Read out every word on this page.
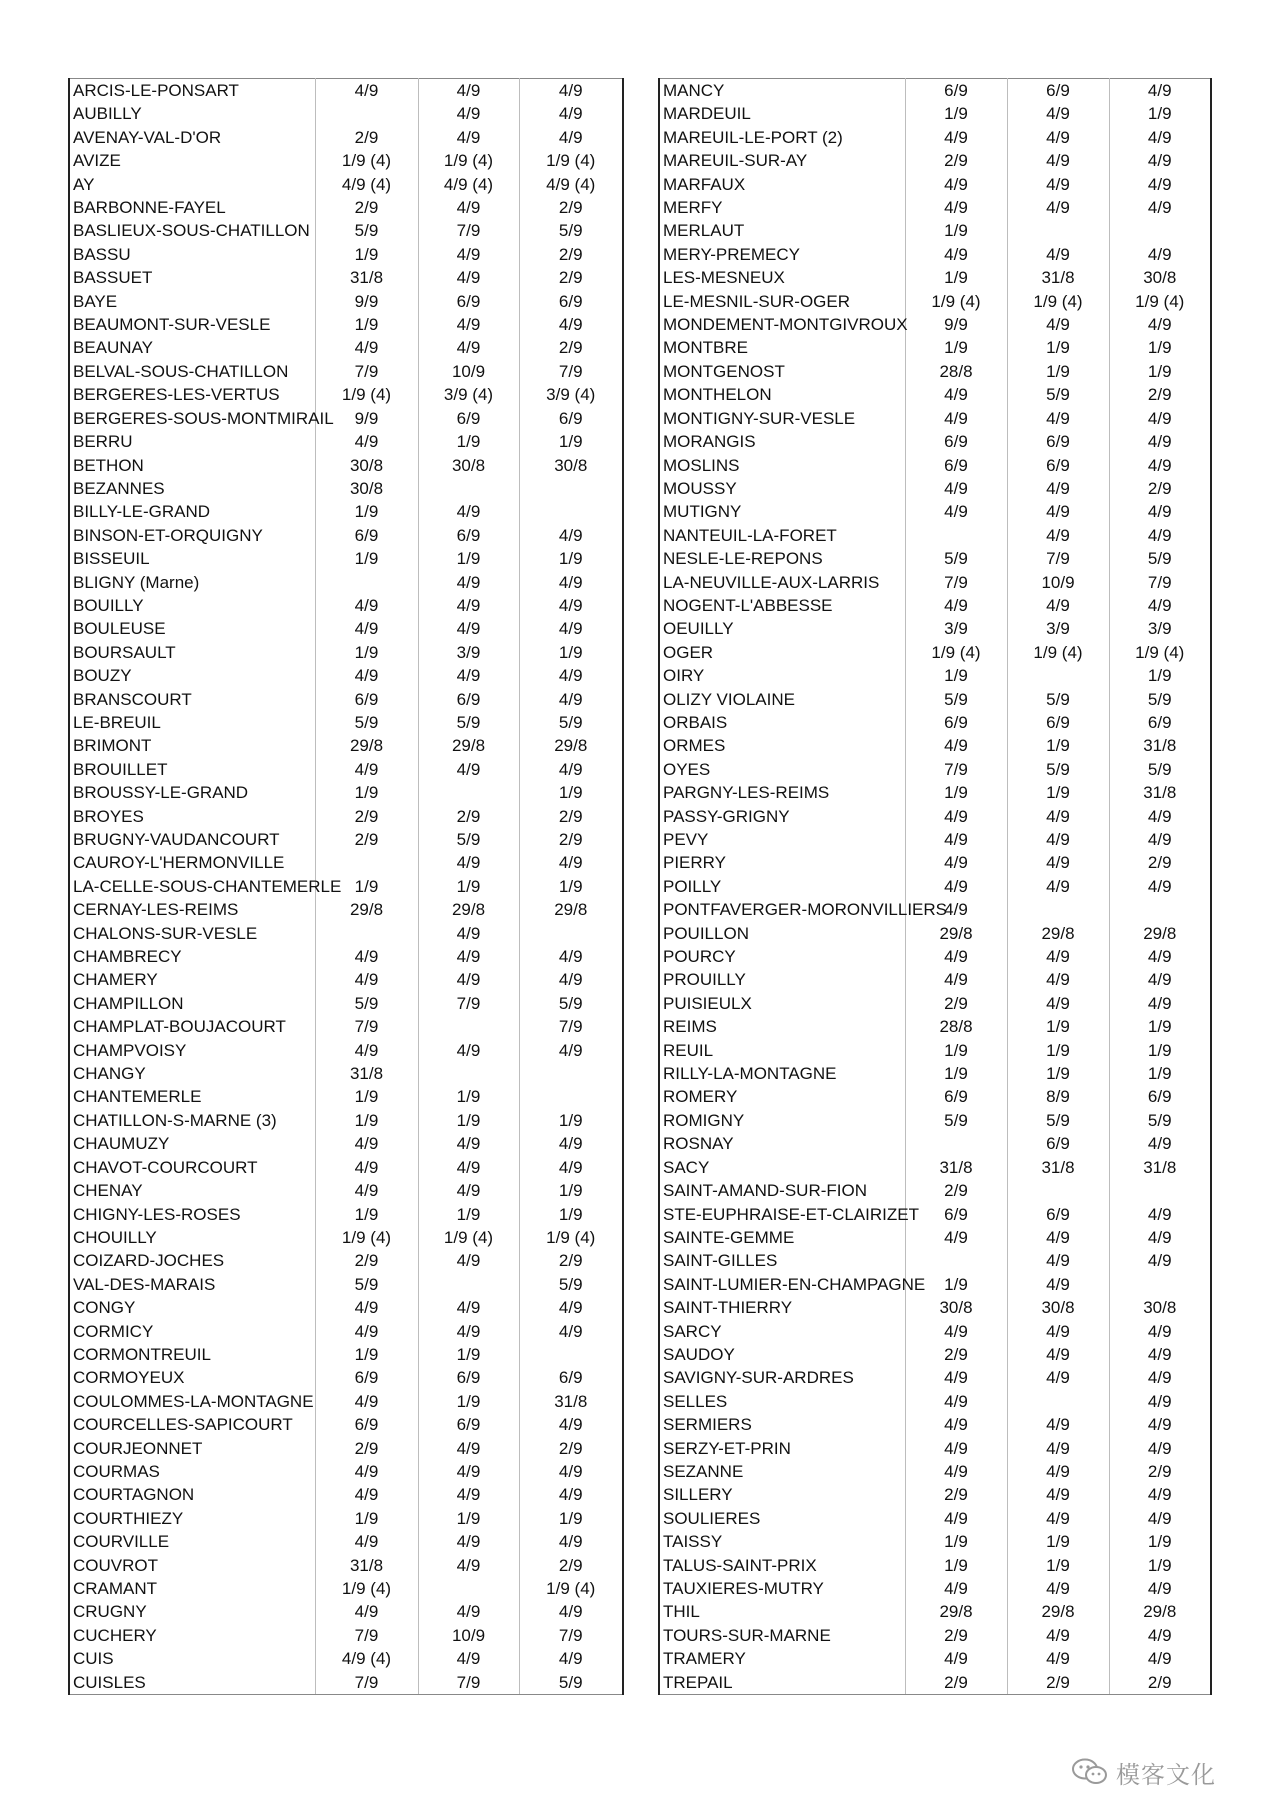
ARCIS-LE-PONSART	4/9	4/9	4/9
AUBILLY		4/9	4/9
AVENAY-VAL-D'OR	2/9	4/9	4/9
AVIZE	1/9 (4)	1/9 (4)	1/9 (4)
AY	4/9 (4)	4/9 (4)	4/9 (4)
BARBONNE-FAYEL	2/9	4/9	2/9
BASLIEUX-SOUS-CHATILLON	5/9	7/9	5/9
BASSU	1/9	4/9	2/9
BASSUET	31/8	4/9	2/9
BAYE	9/9	6/9	6/9
BEAUMONT-SUR-VESLE	1/9	4/9	4/9
BEAUNAY	4/9	4/9	2/9
BELVAL-SOUS-CHATILLON	7/9	10/9	7/9
BERGERES-LES-VERTUS	1/9 (4)	3/9 (4)	3/9 (4)
BERGERES-SOUS-MONTMIRAIL	9/9	6/9	6/9
BERRU	4/9	1/9	1/9
BETHON	30/8	30/8	30/8
BEZANNES	30/8		
BILLY-LE-GRAND	1/9	4/9	
BINSON-ET-ORQUIGNY	6/9	6/9	4/9
BISSEUIL	1/9	1/9	1/9
BLIGNY (Marne)		4/9	4/9
BOUILLY	4/9	4/9	4/9
BOULEUSE	4/9	4/9	4/9
BOURSAULT	1/9	3/9	1/9
BOUZY	4/9	4/9	4/9
BRANSCOURT	6/9	6/9	4/9
LE-BREUIL	5/9	5/9	5/9
BRIMONT	29/8	29/8	29/8
BROUILLET	4/9	4/9	4/9
BROUSSY-LE-GRAND	1/9		1/9
BROYES	2/9	2/9	2/9
BRUGNY-VAUDANCOURT	2/9	5/9	2/9
CAUROY-L'HERMONVILLE		4/9	4/9
LA-CELLE-SOUS-CHANTEMERLE	1/9	1/9	1/9
CERNAY-LES-REIMS	29/8	29/8	29/8
CHALONS-SUR-VESLE		4/9	
CHAMBRECY	4/9	4/9	4/9
CHAMERY	4/9	4/9	4/9
CHAMPILLON	5/9	7/9	5/9
CHAMPLAT-BOUJACOURT	7/9		7/9
CHAMPVOISY	4/9	4/9	4/9
CHANGY	31/8		
CHANTEMERLE	1/9	1/9	
CHATILLON-S-MARNE (3)	1/9	1/9	1/9
CHAUMUZY	4/9	4/9	4/9
CHAVOT-COURCOURT	4/9	4/9	4/9
CHENAY	4/9	4/9	1/9
CHIGNY-LES-ROSES	1/9	1/9	1/9
CHOUILLY	1/9 (4)	1/9 (4)	1/9 (4)
COIZARD-JOCHES	2/9	4/9	2/9
VAL-DES-MARAIS	5/9		5/9
CONGY	4/9	4/9	4/9
CORMICY	4/9	4/9	4/9
CORMONTREUIL	1/9	1/9	
CORMOYEUX	6/9	6/9	6/9
COULOMMES-LA-MONTAGNE	4/9	1/9	31/8
COURCELLES-SAPICOURT	6/9	6/9	4/9
COURJEONNET	2/9	4/9	2/9
COURMAS	4/9	4/9	4/9
COURTAGNON	4/9	4/9	4/9
COURTHIEZY	1/9	1/9	1/9
COURVILLE	4/9	4/9	4/9
COUVROT	31/8	4/9	2/9
CRAMANT	1/9 (4)		1/9 (4)
CRUGNY	4/9	4/9	4/9
CUCHERY	7/9	10/9	7/9
CUIS	4/9 (4)	4/9	4/9
CUISLES	7/9	7/9	5/9
MANCY	6/9	6/9	4/9
MARDEUIL	1/9	4/9	1/9
MAREUIL-LE-PORT (2)	4/9	4/9	4/9
MAREUIL-SUR-AY	2/9	4/9	4/9
MARFAUX	4/9	4/9	4/9
MERFY	4/9	4/9	4/9
MERLAUT	1/9		
MERY-PREMECY	4/9	4/9	4/9
LES-MESNEUX	1/9	31/8	30/8
LE-MESNIL-SUR-OGER	1/9 (4)	1/9 (4)	1/9 (4)
MONDEMENT-MONTGIVROUX	9/9	4/9	4/9
MONTBRE	1/9	1/9	1/9
MONTGENOST	28/8	1/9	1/9
MONTHELON	4/9	5/9	2/9
MONTIGNY-SUR-VESLE	4/9	4/9	4/9
MORANGIS	6/9	6/9	4/9
MOSLINS	6/9	6/9	4/9
MOUSSY	4/9	4/9	2/9
MUTIGNY	4/9	4/9	4/9
NANTEUIL-LA-FORET		4/9	4/9
NESLE-LE-REPONS	5/9	7/9	5/9
LA-NEUVILLE-AUX-LARRIS	7/9	10/9	7/9
NOGENT-L'ABBESSE	4/9	4/9	4/9
OEUILLY	3/9	3/9	3/9
OGER	1/9 (4)	1/9 (4)	1/9 (4)
OIRY	1/9		1/9
OLIZY VIOLAINE	5/9	5/9	5/9
ORBAIS	6/9	6/9	6/9
ORMES	4/9	1/9	31/8
OYES	7/9	5/9	5/9
PARGNY-LES-REIMS	1/9	1/9	31/8
PASSY-GRIGNY	4/9	4/9	4/9
PEVY	4/9	4/9	4/9
PIERRY	4/9	4/9	2/9
POILLY	4/9	4/9	4/9
PONTFAVERGER-MORONVILLIERS	4/9		
POUILLON	29/8	29/8	29/8
POURCY	4/9	4/9	4/9
PROUILLY	4/9	4/9	4/9
PUISIEULX	2/9	4/9	4/9
REIMS	28/8	1/9	1/9
REUIL	1/9	1/9	1/9
RILLY-LA-MONTAGNE	1/9	1/9	1/9
ROMERY	6/9	8/9	6/9
ROMIGNY	5/9	5/9	5/9
ROSNAY		6/9	4/9
SACY	31/8	31/8	31/8
SAINT-AMAND-SUR-FION	2/9		
STE-EUPHRAISE-ET-CLAIRIZET	6/9	6/9	4/9
SAINTE-GEMME	4/9	4/9	4/9
SAINT-GILLES		4/9	4/9
SAINT-LUMIER-EN-CHAMPAGNE	1/9	4/9	
SAINT-THIERRY	30/8	30/8	30/8
SARCY	4/9	4/9	4/9
SAUDOY	2/9	4/9	4/9
SAVIGNY-SUR-ARDRES	4/9	4/9	4/9
SELLES	4/9		4/9
SERMIERS	4/9	4/9	4/9
SERZY-ET-PRIN	4/9	4/9	4/9
SEZANNE	4/9	4/9	2/9
SILLERY	2/9	4/9	4/9
SOULIERES	4/9	4/9	4/9
TAISSY	1/9	1/9	1/9
TALUS-SAINT-PRIX	1/9	1/9	1/9
TAUXIERES-MUTRY	4/9	4/9	4/9
THIL	29/8	29/8	29/8
TOURS-SUR-MARNE	2/9	4/9	4/9
TRAMERY	4/9	4/9	4/9
TREPAIL	2/9	2/9	2/9
模客文化
